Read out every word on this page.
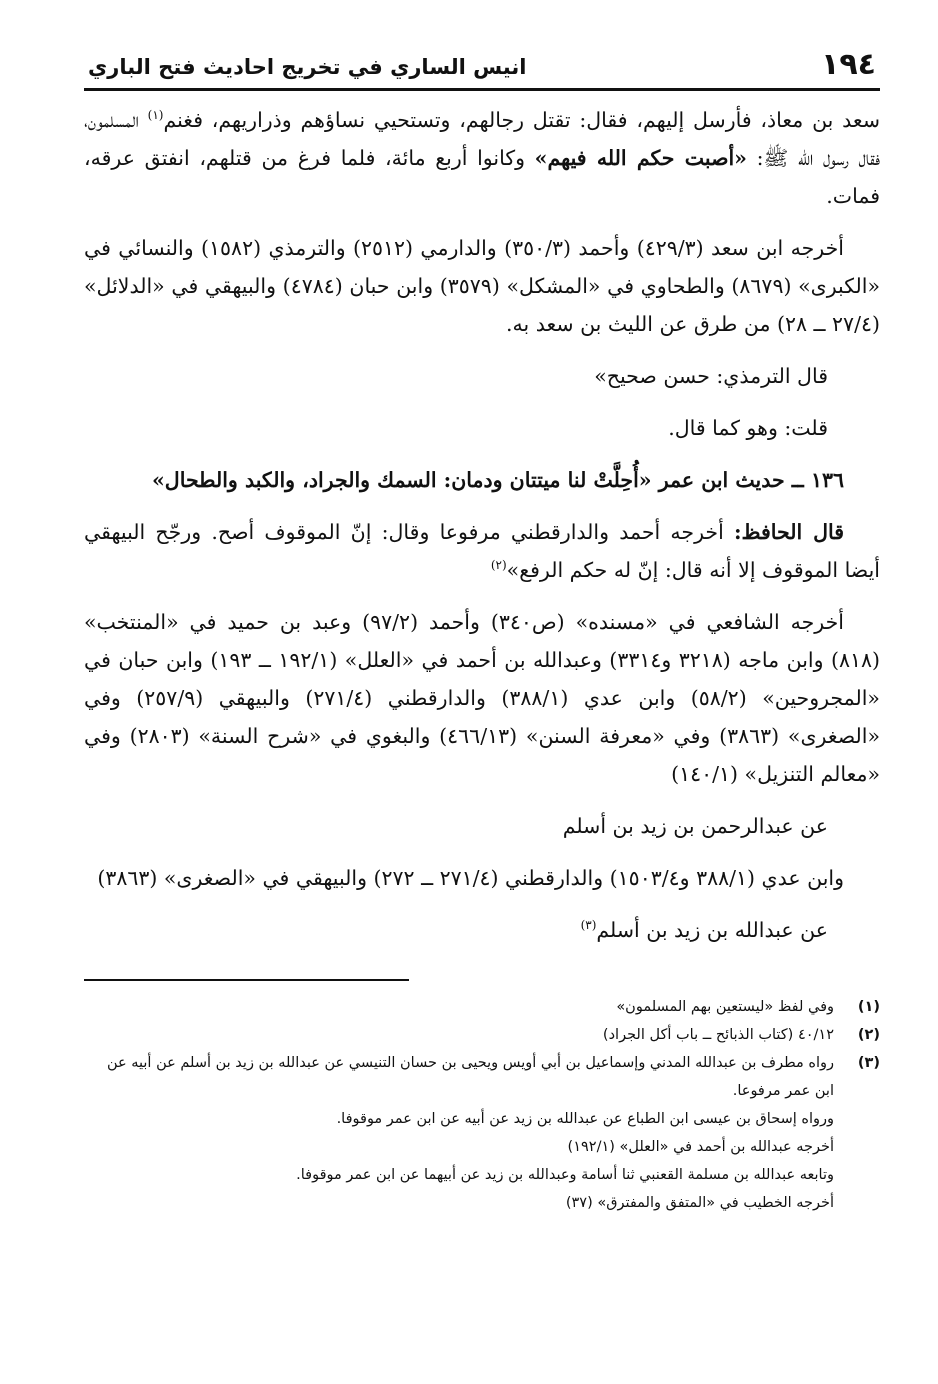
١٩٤
انيس الساري في تخريج احاديث فتح الباري

سعد بن معاذ، فأرسل إليهم، فقال: تقتل رجالهم، وتستحيي نساؤهم وذراريهم، فغنم$^{(١)}$ المسلمون، فقال رسول الله ﷺ: «أصبت حكم الله فيهم» وكانوا أربع مائة، فلما فرغ من قتلهم، انفتق عرقه، فمات.

أخرجه ابن سعد (٤٢٩/٣) وأحمد (٣٥٠/٣) والدارمي (٢٥١٢) والترمذي (١٥٨٢) والنسائي في «الكبرى» (٨٦٧٩) والطحاوي في «المشكل» (٣٥٧٩) وابن حبان (٤٧٨٤) والبيهقي في «الدلائل» (٢٧/٤ ــ ٢٨) من طرق عن الليث بن سعد به.

قال الترمذي: حسن صحيح»

قلت: وهو كما قال.

١٣٦ ــ حديث ابن عمر «أُحِلَّتْ لنا ميتتان ودمان: السمك والجراد، والكبد والطحال»

قال الحافظ: أخرجه أحمد والدارقطني مرفوعا وقال: إنّ الموقوف أصح. ورجّح البيهقي أيضا الموقوف إلا أنه قال: إنّ له حكم الرفع»$^{(٢)}$

أخرجه الشافعي في «مسنده» (ص٣٤٠) وأحمد (٩٧/٢) وعبد بن حميد في «المنتخب» (٨١٨) وابن ماجه (٣٢١٨ و٣٣١٤) وعبدالله بن أحمد في «العلل» (١٩٢/١ ــ ١٩٣) وابن حبان في «المجروحين» (٥٨/٢) وابن عدي (٣٨٨/١) والدارقطني (٢٧١/٤) والبيهقي (٢٥٧/٩) وفي «الصغرى» (٣٨٦٣) وفي «معرفة السنن» (٤٦٦/١٣) والبغوي في «شرح السنة» (٢٨٠٣) وفي «معالم التنزيل» (١٤٠/١)

عن عبدالرحمن بن زيد بن أسلم

وابن عدي (٣٨٨/١ و١٥٠٣/٤) والدارقطني (٢٧١/٤ ــ ٢٧٢) والبيهقي في «الصغرى» (٣٨٦٣)

عن عبدالله بن زيد بن أسلم$^{(٣)}$

(١)
وفي لفظ «ليستعين بهم المسلمون»
(٢)
٤٠/١٢ (كتاب الذبائح ــ باب أكل الجراد)
(٣)
رواه مطرف بن عبدالله المدني وإسماعيل بن أبي أويس ويحيى بن حسان التنيسي عن عبدالله بن زيد بن أسلم عن أبيه عن ابن عمر مرفوعا.
ورواه إسحاق بن عيسى ابن الطباع عن عبدالله بن زيد عن أبيه عن ابن عمر موقوفا.
أخرجه عبدالله بن أحمد في «العلل» (١٩٢/١)
وتابعه عبدالله بن مسلمة القعنبي ثنا أسامة وعبدالله بن زيد عن أبيهما عن ابن عمر موقوفا.
أخرجه الخطيب في «المتفق والمفترق» (٣٧)
